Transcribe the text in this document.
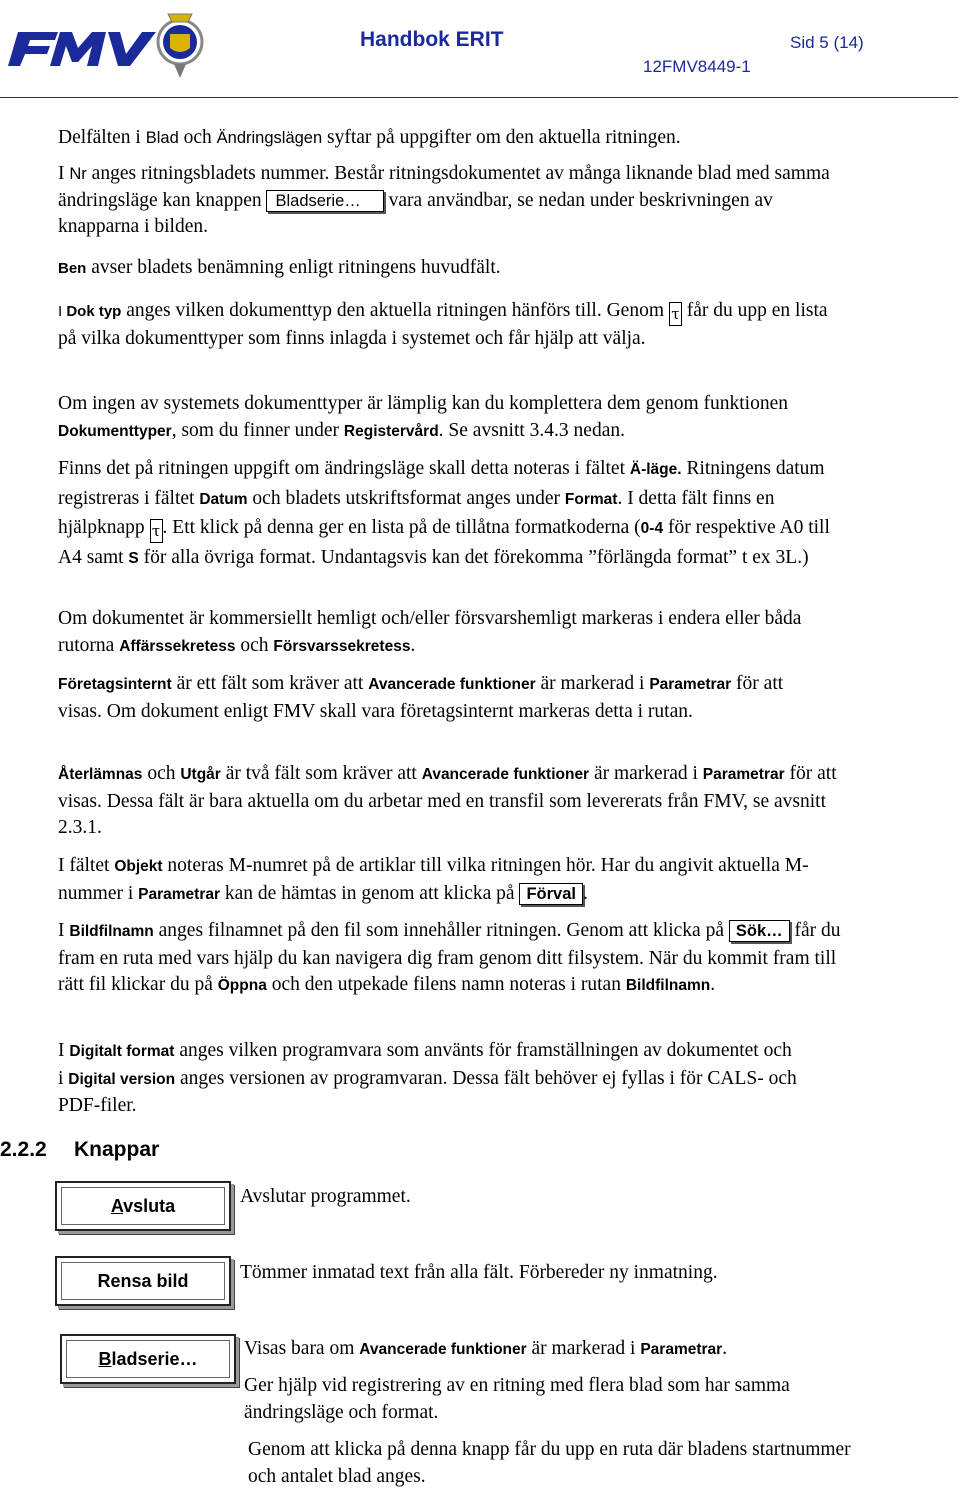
Handbok ERIT	Sid 5 (14)
12FMV8449-1
Delfälten i Blad och Ändringslägen syftar på uppgifter om den aktuella ritningen.
I Nr anges ritningsbladets nummer. Består ritningsdokumentet av många liknande blad med samma ändringsläge kan knappen Bladserie… vara användbar, se nedan under beskrivningen av knapparna i bilden.
Ben avser bladets benämning enligt ritningens huvudfält.
I Dok typ anges vilken dokumenttyp den aktuella ritningen hänförs till. Genom τ får du upp en lista på vilka dokumenttyper som finns inlagda i systemet och får hjälp att välja.
Om ingen av systemets dokumenttyper är lämplig kan du komplettera dem genom funktionen Dokumenttyper, som du finner under Registervård. Se avsnitt 3.4.3 nedan.
Finns det på ritningen uppgift om ändringsläge skall detta noteras i fältet Ä-läge. Ritningens datum registreras i fältet Datum och bladets utskriftsformat anges under Format. I detta fält finns en hjälpknapp τ . Ett klick på denna ger en lista på de tillåtna formatkoderna (0-4 för respektive A0 till A4 samt S för alla övriga format. Undantagsvis kan det förekomma ”förlängda format” t ex 3L.)
Om dokumentet är kommersiellt hemligt och/eller försvarshemligt markeras i endera eller båda rutorna Affärssekretess och Försvarssekretess.
Företagsinternt är ett fält som kräver att Avancerade funktioner är markerad i Parametrar för att visas. Om dokument enligt FMV skall vara företagsinternt markeras detta i rutan.
Återlämnas och Utgår är två fält som kräver att Avancerade funktioner är markerad i Parametrar för att visas. Dessa fält är bara aktuella om du arbetar med en transfil som levererats från FMV, se avsnitt 2.3.1.
I fältet Objekt noteras M-numret på de artiklar till vilka ritningen hör. Har du angivit aktuella M-nummer i Parametrar kan de hämtas in genom att klicka på Förval .
I Bildfilnamn anges filnamnet på den fil som innehåller ritningen. Genom att klicka på Sök… får du fram en ruta med vars hjälp du kan navigera dig fram genom ditt filsystem. När du kommit fram till rätt fil klickar du på Öppna och den utpekade filens namn noteras i rutan Bildfilnamn.
I Digitalt format anges vilken programvara som använts för framställningen av dokumentet och i Digital version anges versionen av programvaran. Dessa fält behöver ej fyllas i för CALS- och PDF-filer.
2.2.2 Knappar
Avsluta	Avslutar programmet.
Rensa bild	Tömmer inmatad text från alla fält. Förbereder ny inmatning.
Bladserie… Visas bara om Avancerade funktioner är markerad i Parametrar.
Ger hjälp vid registrering av en ritning med flera blad som har samma ändringsläge och format.
Genom att klicka på denna knapp får du upp en ruta där bladens startnummer och antalet blad anges.
